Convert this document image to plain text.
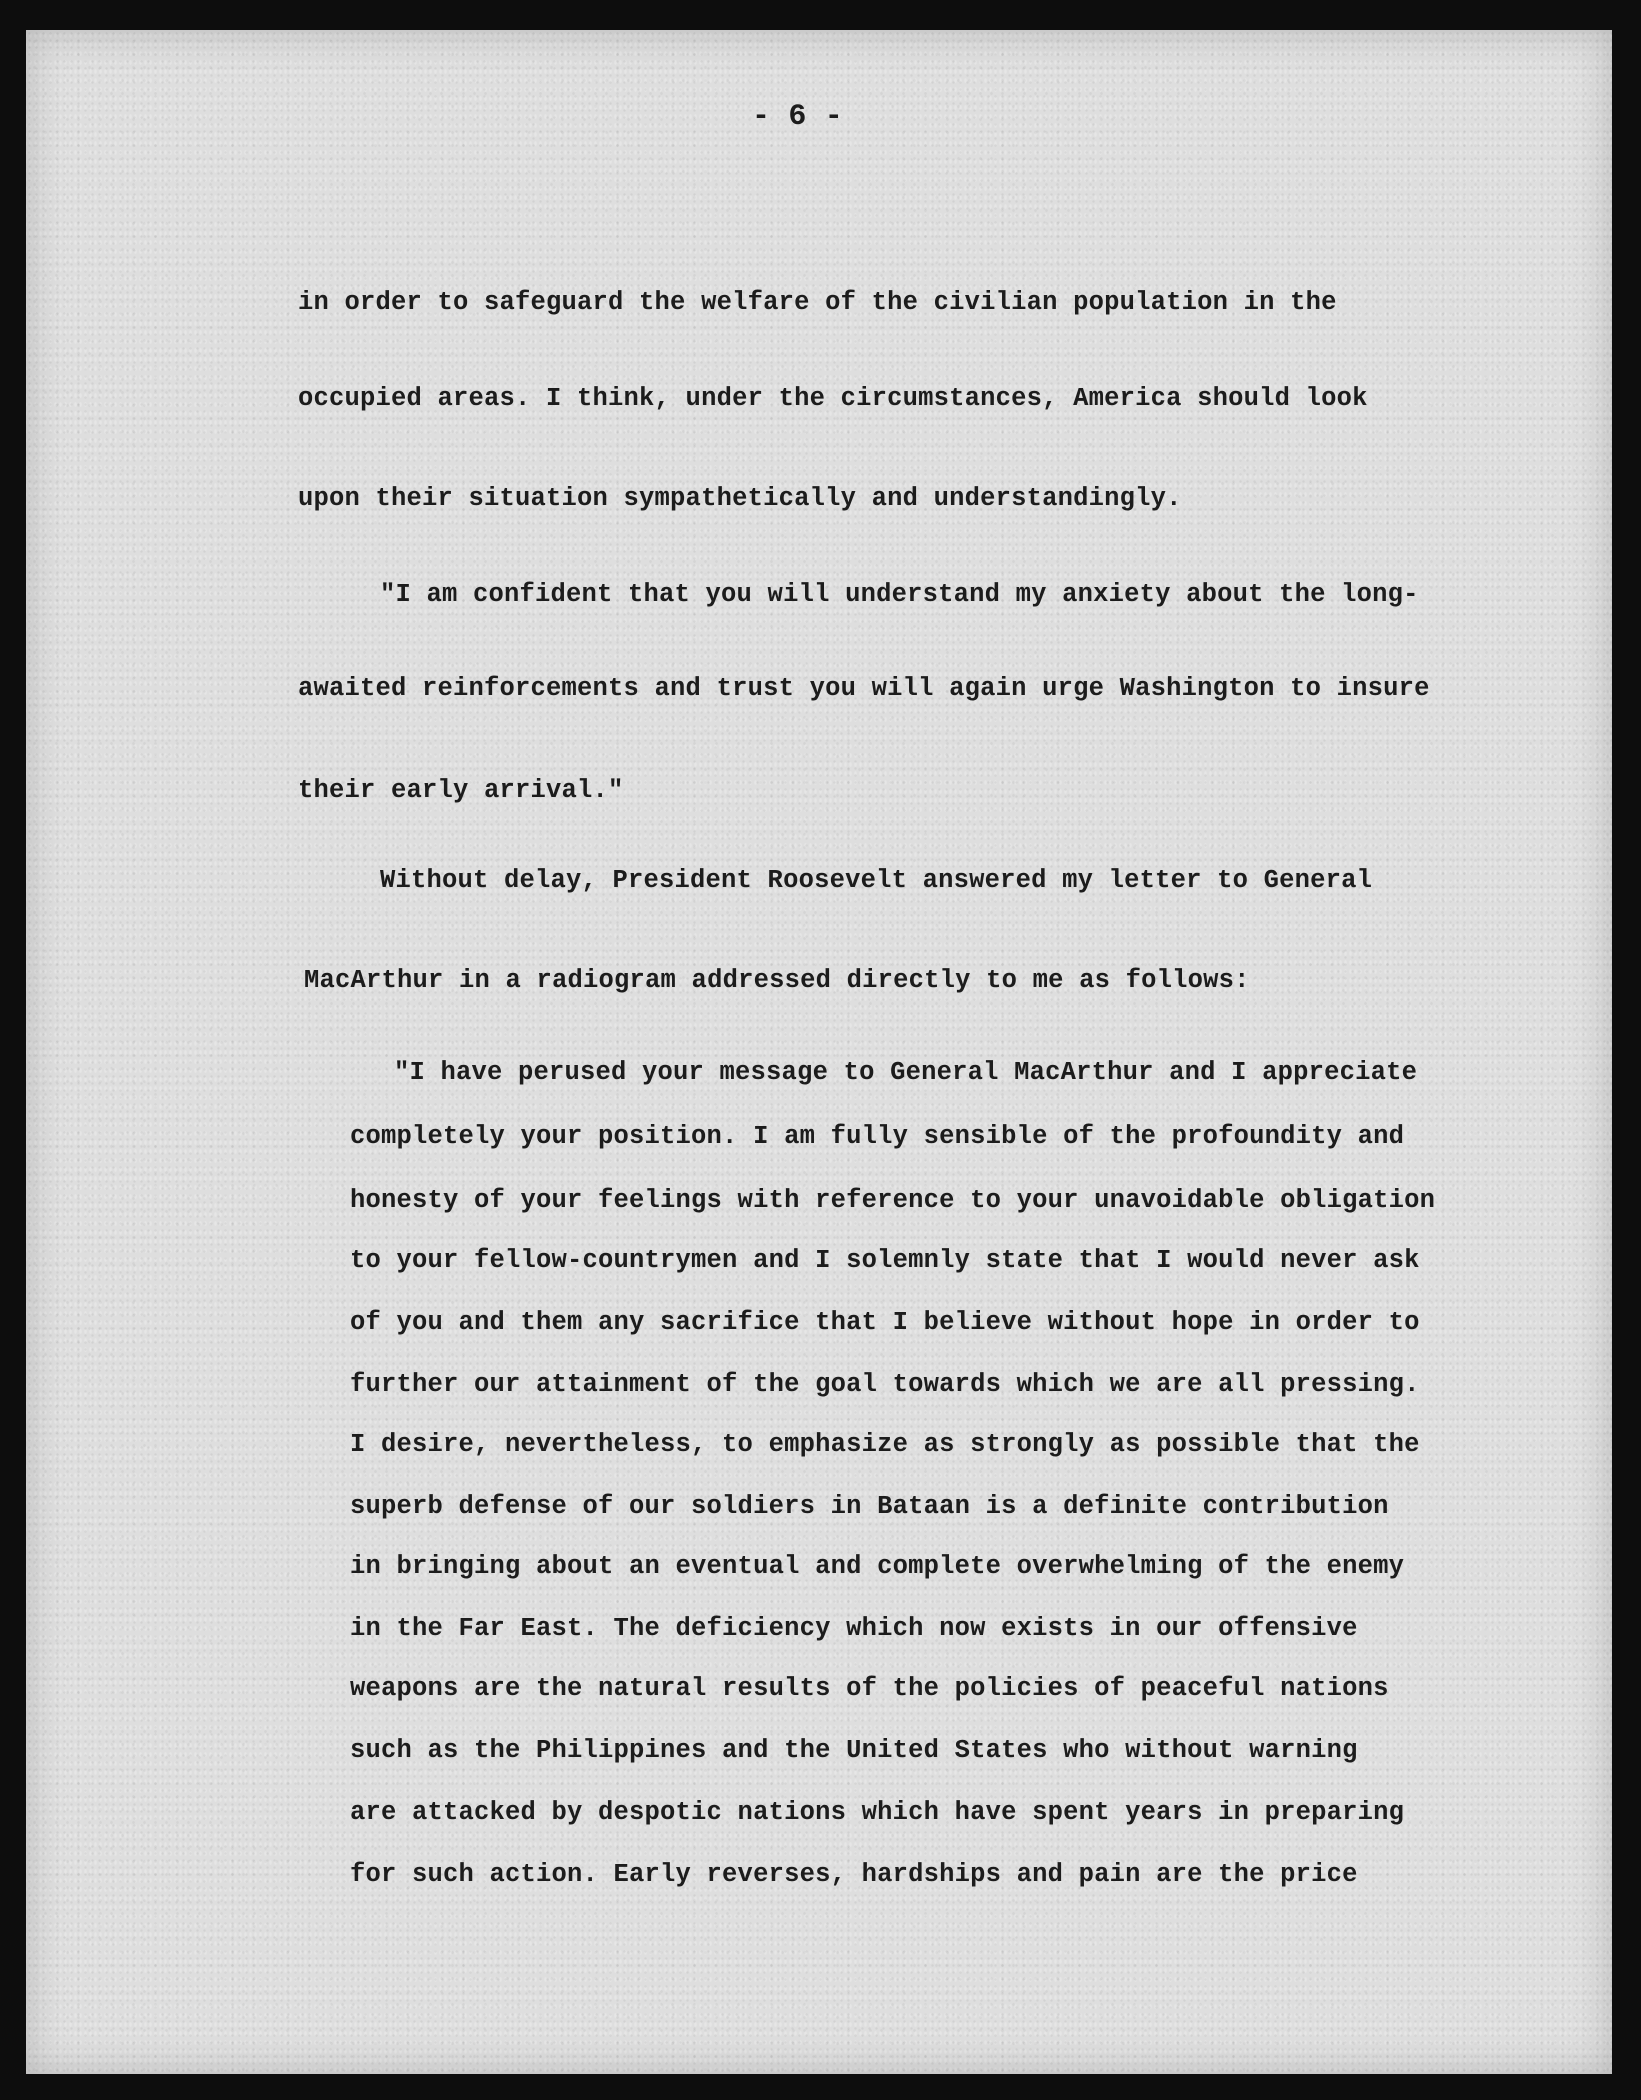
- 6 -
in order to safeguard the welfare of the civilian population in the
occupied areas. I think, under the circumstances, America should look
upon their situation sympathetically and understandingly.
"I am confident that you will understand my anxiety about the long-
awaited reinforcements and trust you will again urge Washington to insure
their early arrival."
Without delay, President Roosevelt answered my letter to General
MacArthur in a radiogram addressed directly to me as follows:
"I have perused your message to General MacArthur and I appreciate
completely your position. I am fully sensible of the profoundity and
honesty of your feelings with reference to your unavoidable obligation
to your fellow-countrymen and I solemnly state that I would never ask
of you and them any sacrifice that I believe without hope in order to
further our attainment of the goal towards which we are all pressing.
I desire, nevertheless, to emphasize as strongly as possible that the
superb defense of our soldiers in Bataan is a definite contribution
in bringing about an eventual and complete overwhelming of the enemy
in the Far East. The deficiency which now exists in our offensive
weapons are the natural results of the policies of peaceful nations
such as the Philippines and the United States who without warning
are attacked by despotic nations which have spent years in preparing
for such action. Early reverses, hardships and pain are the price
